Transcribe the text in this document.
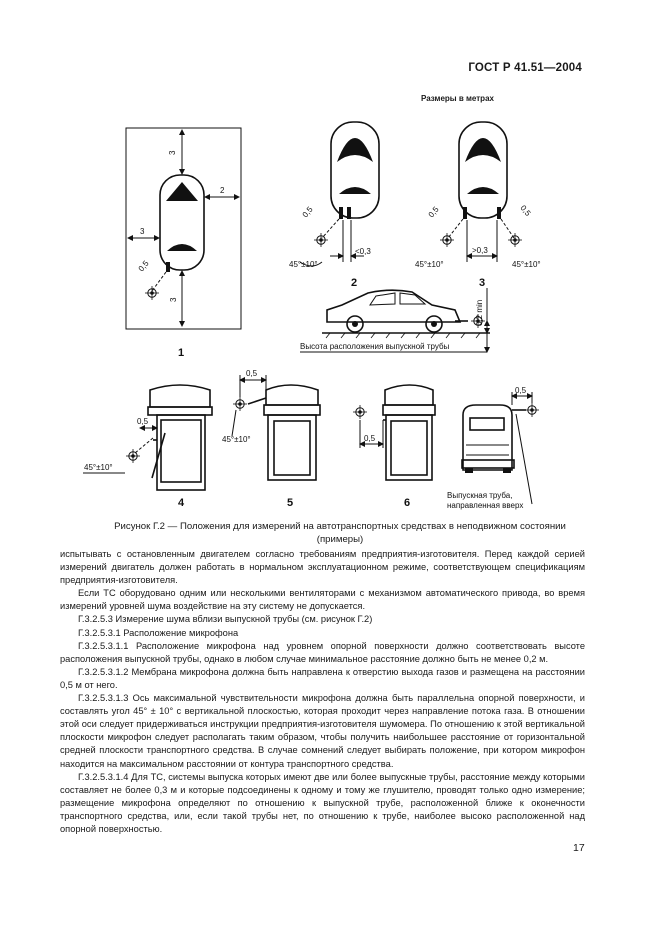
ГОСТ Р 41.51—2004
Размеры в метрах
3
2
3
3
0,5
1
<0,3
0,5
45°±10°
2
>0,3
0,5	0,5
45°±10°	45°±10°
3
0,2 min
Высота расположения выпускной трубы
0,5
45°±10°
4
0,5
45°±10°
5
0,5
6
0,5
Выпускная труба,
направленная вверх
Рисунок Г.2 — Положения для измерений на автотранспортных средствах в неподвижном состоянии
(примеры)

испытывать с остановленным двигателем согласно требованиям предприятия-изготовителя. Перед каждой серией измерений двигатель должен работать в нормальном эксплуатационном режиме, соответствующем спецификациям предприятия-изготовителя.

Если ТС оборудовано одним или несколькими вентиляторами с механизмом автоматического привода, во время измерений уровней шума воздействие на эту систему не допускается.

Г.3.2.5.3 Измерение шума вблизи выпускной трубы (см. рисунок Г.2)

Г.3.2.5.3.1 Расположение микрофона

Г.3.2.5.3.1.1 Расположение микрофона над уровнем опорной поверхности должно соответствовать высоте расположения выпускной трубы, однако в любом случае минимальное расстояние должно быть не менее 0,2 м.

Г.3.2.5.3.1.2 Мембрана микрофона должна быть направлена к отверстию выхода газов и размещена на расстоянии 0,5 м от него.

Г.3.2.5.3.1.3 Ось максимальной чувствительности микрофона должна быть параллельна опорной поверхности, и составлять угол 45° ± 10° с вертикальной плоскостью, которая проходит через направление потока газа. В отношении этой оси следует придерживаться инструкции предприятия-изготовителя шумомера. По отношению к этой вертикальной плоскости микрофон следует располагать таким образом, чтобы получить наибольшее расстояние от горизонтальной средней плоскости транспортного средства. В случае сомнений следует выбирать положение, при котором микрофон находится на максимальном расстоянии от контура транспортного средства.

Г.3.2.5.3.1.4 Для ТС, системы выпуска которых имеют две или более выпускные трубы, расстояние между которыми составляет не более 0,3 м и которые подсоединены к одному и тому же глушителю, проводят только одно измерение; размещение микрофона определяют по отношению к выпускной трубе, расположенной ближе к оконечности транспортного средства, или, если такой трубы нет, по отношению к трубе, наиболее высоко расположенной над опорной поверхностью.

17
